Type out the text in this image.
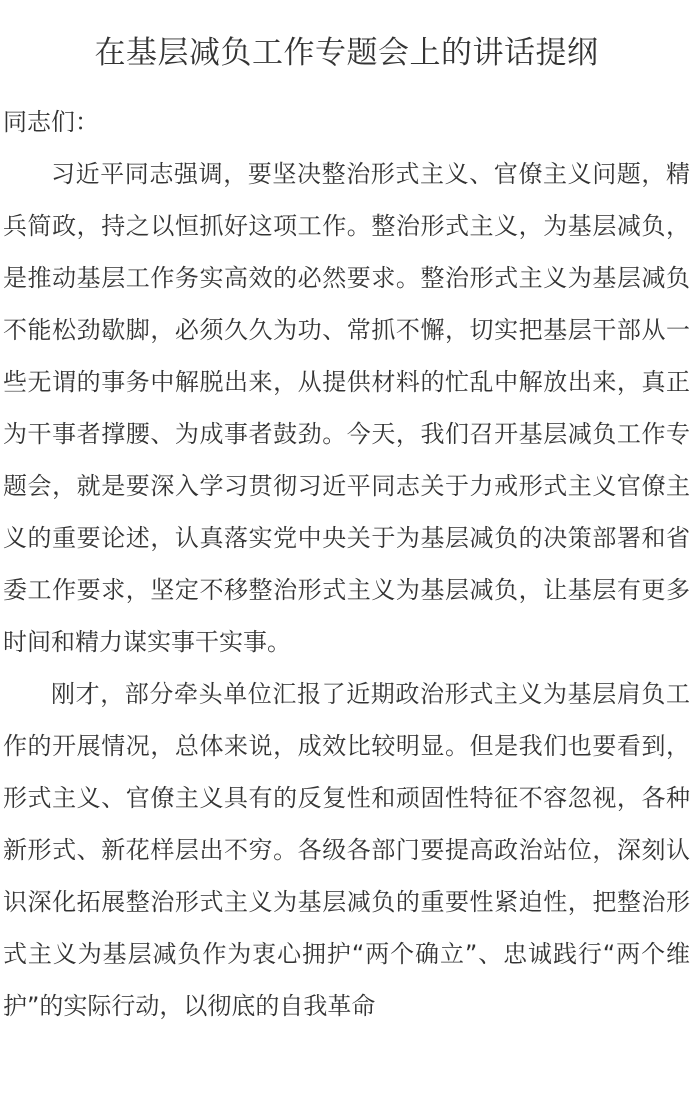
在基层减负工作专题会上的讲话提纲
同志们：

习近平同志强调，要坚决整治形式主义、官僚主义问题，精兵简政，持之以恒抓好这项工作。整治形式主义，为基层减负，是推动基层工作务实高效的必然要求。整治形式主义为基层减负不能松劲歇脚，必须久久为功、常抓不懈，切实把基层干部从一些无谓的事务中解脱出来，从提供材料的忙乱中解放出来，真正为干事者撑腰、为成事者鼓劲。今天，我们召开基层减负工作专题会，就是要深入学习贯彻习近平同志关于力戒形式主义官僚主义的重要论述，认真落实党中央关于为基层减负的决策部署和省委工作要求，坚定不移整治形式主义为基层减负，让基层有更多时间和精力谋实事干实事。

刚才，部分牵头单位汇报了近期政治形式主义为基层肩负工作的开展情况，总体来说，成效比较明显。但是我们也要看到，形式主义、官僚主义具有的反复性和顽固性特征不容忽视，各种新形式、新花样层出不穷。各级各部门要提高政治站位，深刻认识深化拓展整治形式主义为基层减负的重要性紧迫性，把整治形式主义为基层减负作为衷心拥护“两个确立”、忠诚践行“两个维护”的实际行动，以彻底的自我革命
